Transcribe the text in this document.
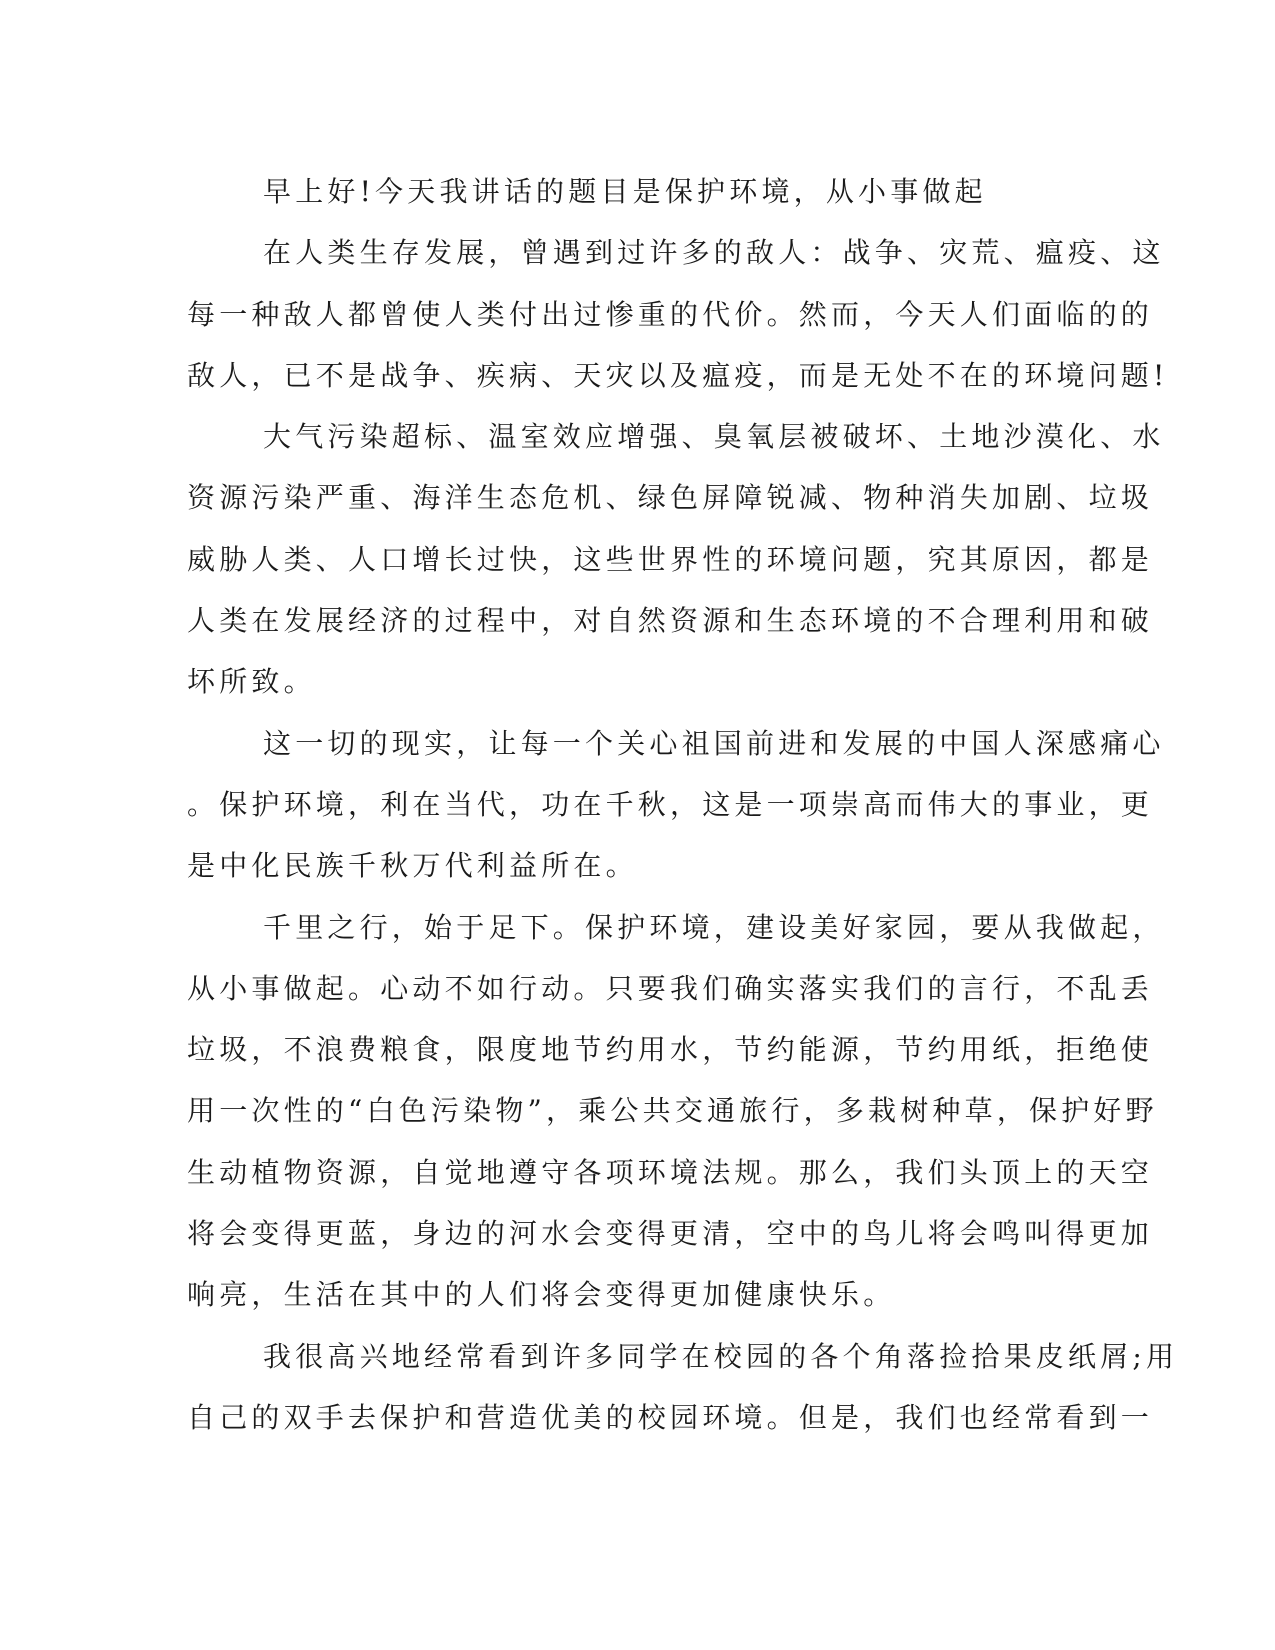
早上好!今天我讲话的题目是保护环境，从小事做起
在人类生存发展，曾遇到过许多的敌人：战争、灾荒、瘟疫、这
每一种敌人都曾使人类付出过惨重的代价。然而，今天人们面临的的
敌人，已不是战争、疾病、天灾以及瘟疫，而是无处不在的环境问题!
大气污染超标、温室效应增强、臭氧层被破坏、土地沙漠化、水
资源污染严重、海洋生态危机、绿色屏障锐减、物种消失加剧、垃圾
威胁人类、人口增长过快，这些世界性的环境问题，究其原因，都是
人类在发展经济的过程中，对自然资源和生态环境的不合理利用和破
坏所致。
这一切的现实，让每一个关心祖国前进和发展的中国人深感痛心
。保护环境，利在当代，功在千秋，这是一项崇高而伟大的事业，更
是中化民族千秋万代利益所在。
千里之行，始于足下。保护环境，建设美好家园，要从我做起，
从小事做起。心动不如行动。只要我们确实落实我们的言行，不乱丢
垃圾，不浪费粮食，限度地节约用水，节约能源，节约用纸，拒绝使
用一次性的“白色污染物”，乘公共交通旅行，多栽树种草，保护好野
生动植物资源，自觉地遵守各项环境法规。那么，我们头顶上的天空
将会变得更蓝，身边的河水会变得更清，空中的鸟儿将会鸣叫得更加
响亮，生活在其中的人们将会变得更加健康快乐。
我很高兴地经常看到许多同学在校园的各个角落捡拾果皮纸屑;用
自己的双手去保护和营造优美的校园环境。但是，我们也经常看到一
